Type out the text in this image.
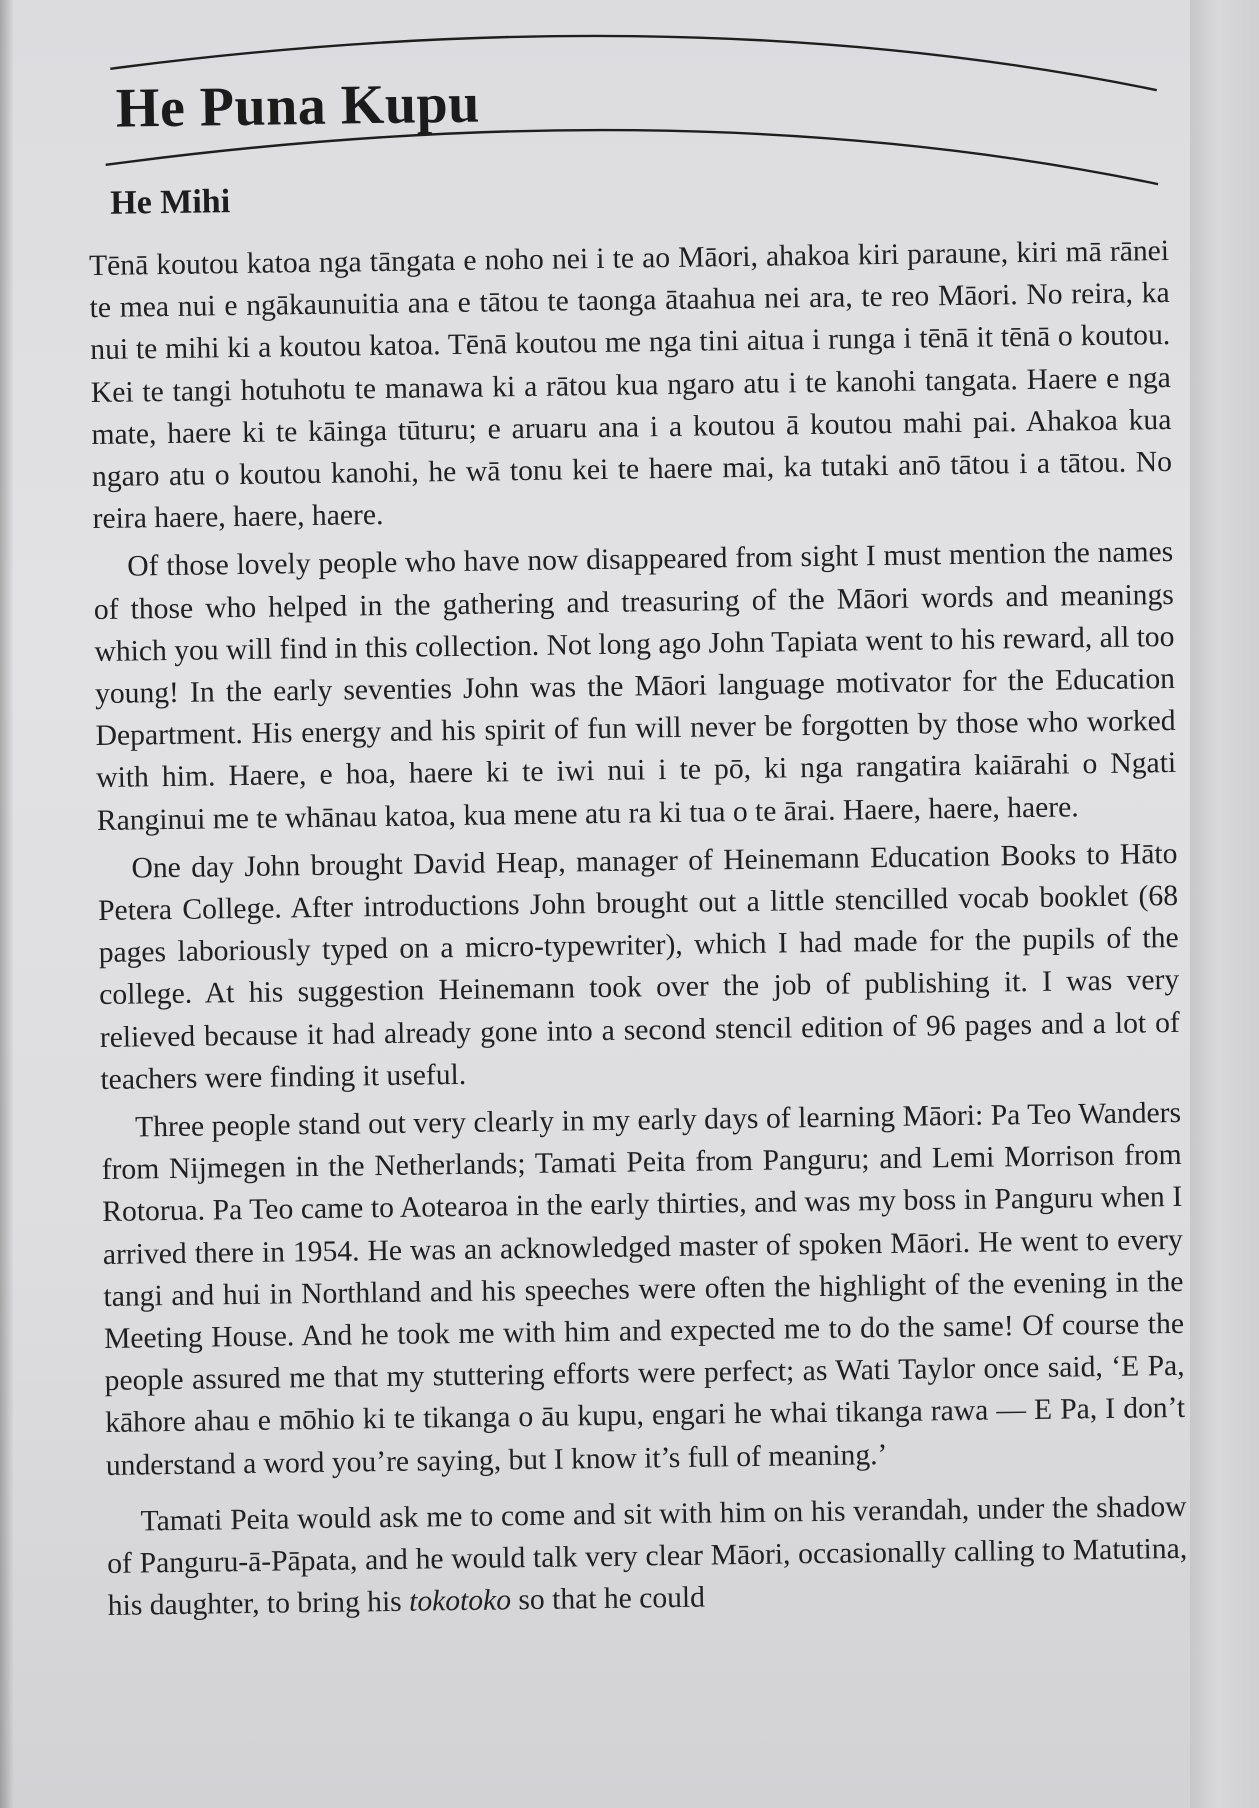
He Puna Kupu
He Mihi

Tēnā koutou katoa nga tāngata e noho nei i te ao Māori, ahakoa kiri paraune, kiri mā rānei te mea nui e ngākaunuitia ana e tātou te taonga ātaahua nei ara, te reo Māori. No reira, ka nui te mihi ki a koutou katoa. Tēnā koutou me nga tini aitua i runga i tēnā it tēnā o koutou. Kei te tangi hotuhotu te manawa ki a rātou kua ngaro atu i te kanohi tangata. Haere e nga mate, haere ki te kāinga tūturu; e aruaru ana i a koutou ā koutou mahi pai. Ahakoa kua ngaro atu o koutou kanohi, he wā tonu kei te haere mai, ka tutaki anō tātou i a tātou. No reira haere, haere, haere.

Of those lovely people who have now disappeared from sight I must mention the names of those who helped in the gathering and treasuring of the Māori words and meanings which you will find in this collection. Not long ago John Tapiata went to his reward, all too young! In the early seventies John was the Māori language motivator for the Education Department. His energy and his spirit of fun will never be forgotten by those who worked with him. Haere, e hoa, haere ki te iwi nui i te pō, ki nga rangatira kaiārahi o Ngati Ranginui me te whānau katoa, kua mene atu ra ki tua o te ārai. Haere, haere, haere.

One day John brought David Heap, manager of Heinemann Education Books to Hāto Petera College. After introductions John brought out a little stencilled vocab booklet (68 pages laboriously typed on a micro-typewriter), which I had made for the pupils of the college. At his suggestion Heinemann took over the job of publishing it. I was very relieved because it had already gone into a second stencil edition of 96 pages and a lot of teachers were finding it useful.

Three people stand out very clearly in my early days of learning Māori: Pa Teo Wanders from Nijmegen in the Netherlands; Tamati Peita from Panguru; and Lemi Morrison from Rotorua. Pa Teo came to Aotearoa in the early thirties, and was my boss in Panguru when I arrived there in 1954. He was an acknowledged master of spoken Māori. He went to every tangi and hui in Northland and his speeches were often the highlight of the evening in the Meeting House. And he took me with him and expected me to do the same! Of course the people assured me that my stuttering efforts were perfect; as Wati Taylor once said, ‘E Pa, kāhore ahau e mōhio ki te tikanga o āu kupu, engari he whai tikanga rawa — E Pa, I don’t understand a word you’re saying, but I know it’s full of meaning.’

Tamati Peita would ask me to come and sit with him on his verandah, under the shadow of Panguru-ā-Pāpata, and he would talk very clear Māori, occasionally calling to Matutina, his daughter, to bring his tokotoko so that he could
